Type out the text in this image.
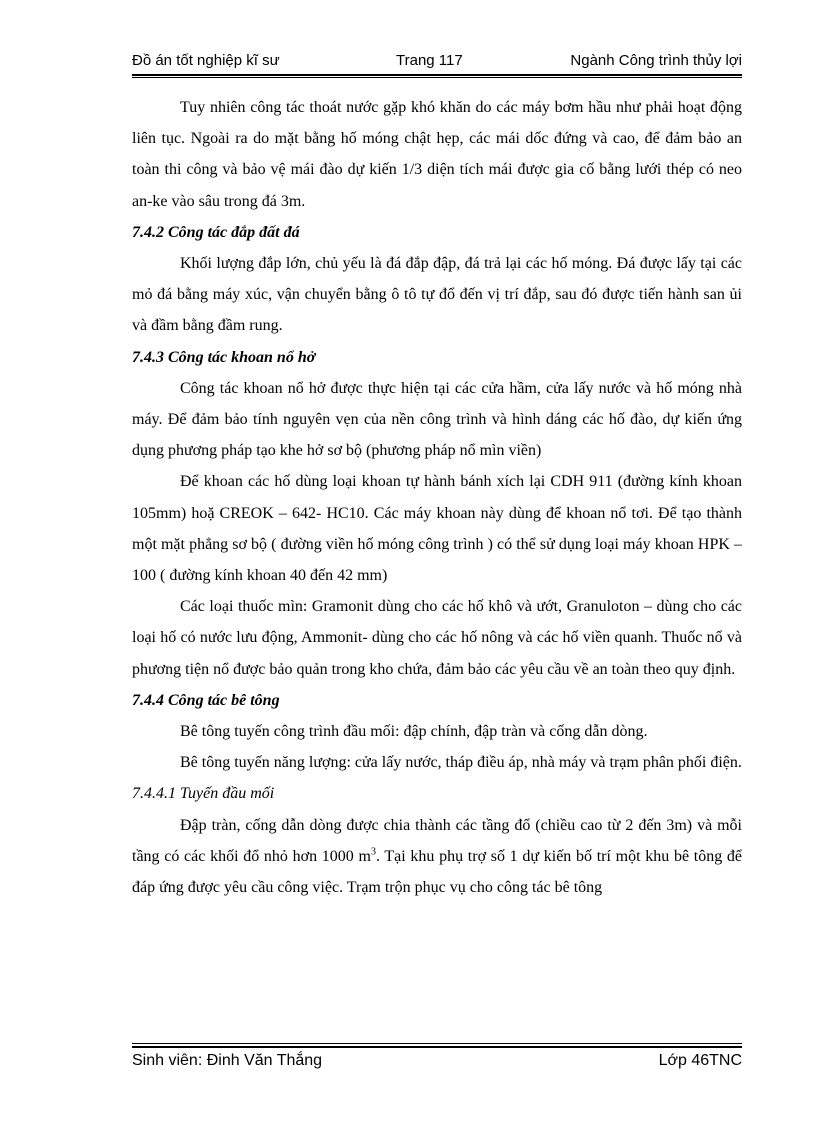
Đồ án tốt nghiệp kĩ sư	Trang 117	Ngành Công trình thủy lợi

Tuy nhiên công tác thoát nước gặp khó khăn do các máy bơm hầu như phải hoạt động liên tục. Ngoài ra do mặt bằng hố móng chật hẹp, các mái dốc đứng và cao, để đảm bảo an toàn thi công và bảo vệ mái đào dự kiến 1/3 diện tích mái được gia cố bằng lưới thép có neo an-ke vào sâu trong đá 3m.

7.4.2 Công tác đắp đất đá

Khối lượng đắp lớn, chủ yếu là đá đắp đập, đá trả lại các hố móng. Đá được lấy tại các mỏ đá bằng máy xúc, vận chuyển bằng ô tô tự đổ đến vị trí đắp, sau đó được tiến hành san ủi và đầm bằng đầm rung.

7.4.3 Công tác khoan nổ hở

Công tác khoan nổ hở được thực hiện tại các cửa hầm, cửa lấy nước và hố móng nhà máy. Để đảm bảo tính nguyên vẹn của nền công trình và hình dáng các hố đào, dự kiến ứng dụng phương pháp tạo khe hở sơ bộ (phương pháp nổ mìn viền)

Để khoan các hố dùng loại khoan tự hành bánh xích lại CDH 911 (đường kính khoan 105mm) hoặ CREOK – 642- HC10. Các máy khoan này dùng để khoan nổ tơi. Để tạo thành một mặt phẳng sơ bộ ( đường viền hố móng công trình ) có thể sử dụng loại máy khoan HPK – 100 ( đường kính khoan 40 đến 42 mm)

Các loại thuốc mìn: Gramonit dùng cho các hố khô và ướt, Granuloton – dùng cho các loại hố có nước lưu động, Ammonit- dùng cho các hố nông và các hố viền quanh. Thuốc nổ và phương tiện nổ được bảo quản trong kho chứa, đảm bảo các yêu cầu về an toàn theo quy định.

7.4.4 Công tác bê tông

Bê tông tuyến công trình đầu mối: đập chính, đập tràn và cống dẫn dòng.

Bê tông tuyến năng lượng: cửa lấy nước, tháp điều áp, nhà máy và trạm phân phối điện.

7.4.4.1 Tuyến đầu mối

Đập tràn, cống dẫn dòng được chia thành các tầng đổ (chiều cao từ 2 đến 3m) và mỗi tầng có các khối đổ nhỏ hơn 1000 $m^3$. Tại khu phụ trợ số 1 dự kiến bố trí một khu bê tông để đáp ứng được yêu cầu công việc. Trạm trộn phục vụ cho công tác bê tông

Sinh viên: Đinh Văn Thắng	Lớp 46TNC
